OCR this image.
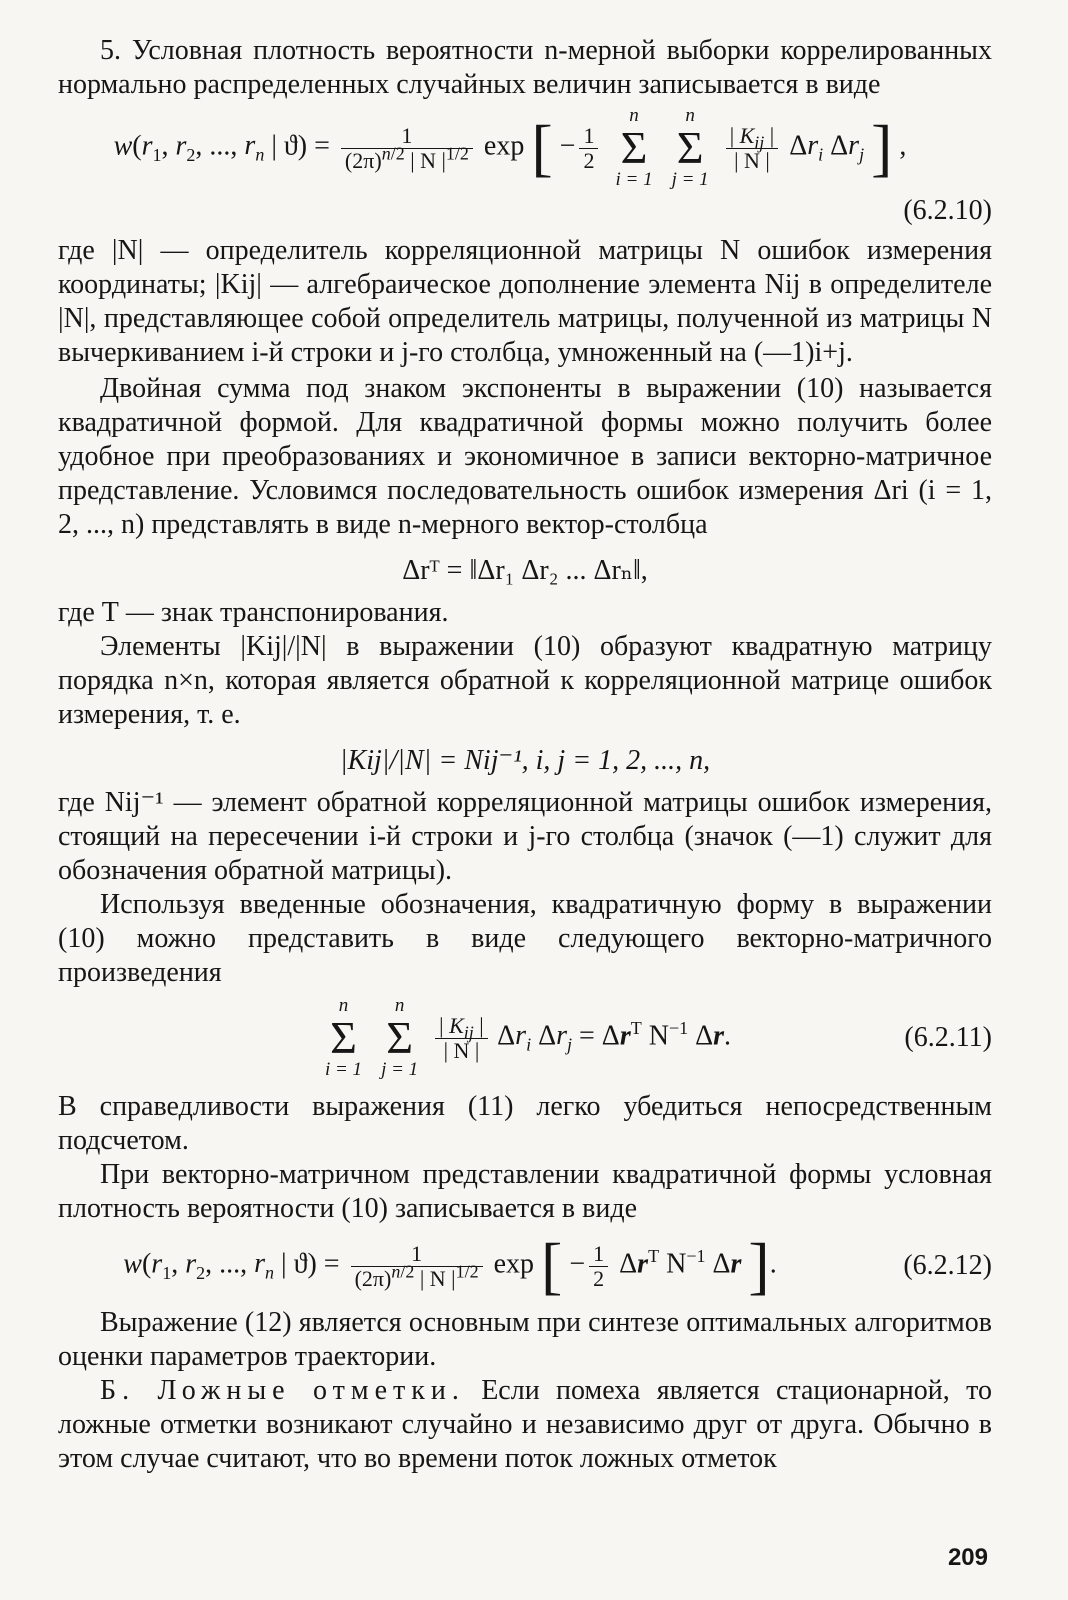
5. Условная плотность вероятности n-мерной выборки коррелированных нормально распределенных случайных величин записывается в виде

$w(r_1$, $r_2$, ..., $r_n$ | $ϑ) = \frac{1}{(2\pi)^{n/2} | N |^{1/2}}$ exp [ − $\frac{1}{2}$

n
Σ
i = 1

n
Σ
j = 1

$\frac{| K_{ij} |}{| N |} \Delta r_i$ $\Delta r_j$ ] ,
(6.2.10)

где |N| — определитель корреляционной матрицы N ошибок измерения координаты; |Kij| — алгебраическое дополнение элемента Nij в определителе |N|, представляющее собой определитель матрицы, полученной из матрицы N вычеркиванием i-й строки и j-го столбца, умноженный на (—1)i+j.

Двойная сумма под знаком экспоненты в выражении (10) называется квадратичной формой. Для квадратичной формы можно получить более удобное при преобразованиях и экономичное в записи векторно-матричное представление. Условимся последовательность ошибок измерения Δri (i = 1, 2, ..., n) представлять в виде n-мерного вектор-столбца

Δrᵀ = ‖Δr₁ Δr₂ ... Δrₙ‖,

где Т — знак транспонирования.

Элементы |Kij|/|N| в выражении (10) образуют квадратную матрицу порядка n×n, которая является обратной к корреляционной матрице ошибок измерения, т. е.

|Kij|/|N| = Nij⁻¹, i, j = 1, 2, ..., n,

где Nij⁻¹ — элемент обратной корреляционной матрицы ошибок измерения, стоящий на пересечении i-й строки и j-го столбца (значок (—1) служит для обозначения обратной матрицы).

Используя введенные обозначения, квадратичную форму в выражении (10) можно представить в виде следующего векторно-матричного произведения

n
Σ
i = 1

n
Σ
j = 1

$\frac{| K_{ij} |}{| N |} \Delta r_i$ $\Delta r_j = \Delta r^T$ $N^{-1}$ Δr.	(6.2.11)

В справедливости выражения (11) легко убедиться непосредственным подсчетом.

При векторно-матричном представлении квадратичной формы условная плотность вероятности (10) записывается в виде

$w(r_1$, $r_2$, ..., $r_n$ | $ϑ) = \frac{1}{(2\pi)^{n/2} | N |^{1/2}}$ exp [ − $\frac{1}{2} \Delta r^T$ $N^{-1}$ Δr ].	(6.2.12)

Выражение (12) является основным при синтезе оптимальных алгоритмов оценки параметров траектории.

Б. Ложные отметки. Если помеха является стационарной, то ложные отметки возникают случайно и независимо друг от друга. Обычно в этом случае считают, что во времени поток ложных отметок

209
